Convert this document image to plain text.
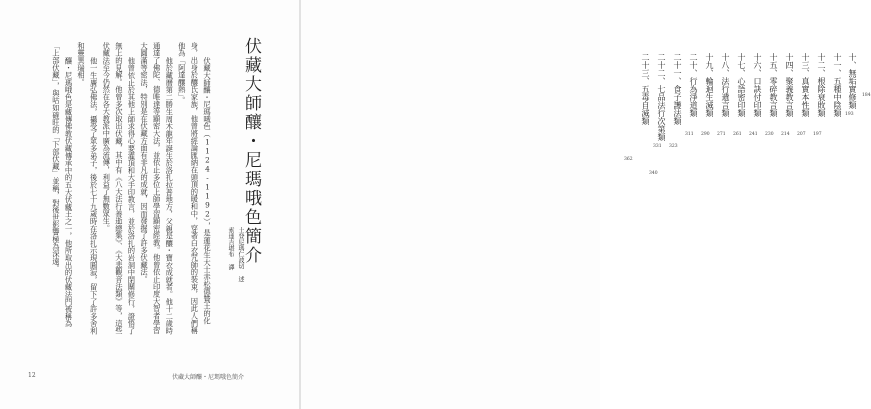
伏藏大師釀・尼瑪哦色簡介
土登尼瑪仁波切 述
索達吉堪布 譯

伏藏大師釀・尼瑪哦色（1124-1192），是蓮花生大士赤松德贊王的化身，出身於釀氏家族，他曾將經論匯納在頭頂的暖和中，穿著白衣咒師的裝束，因此人們稱他為「阿達釀熱」。

他於藏曆第二勝生周木龍年誕生於洛扎拉普地方，父親是釀・寶衣成就者。他十二歲時通達了佛陀、德唯達等顯密大法，並依止多位上師學習顯密經教。他曾依止印度大智者學習大圓滿等密法，特別是在伏藏方面有非凡的成就，因而發掘了許多伏藏法。

他曾依止於其他上師求得心要灌頂和大手印教言，並於洛扎的岩洞中閉關修行，證悟了無上的見解。他曾多次取出伏藏，其中有《八大法行善逝總集》、《大悲觀音法類》等，這些伏藏法至今仍然在各大教派中廣為流傳，利益了無數眾生。

他一生廣弘佛法，攝受了眾多弟子，後於七十九歲時在洛扎示現圓寂，留下了許多舍利和靈異瑞相。

釀・尼瑪哦色是藏傳佛教伏藏傳承中的五大伏藏王之一，他所取出的伏藏法門被稱為「上部伏藏」，與咕如確旺的「下部伏藏」並稱，對後世影響極為深遠。

12	伏藏大師釀・尼瑪哦色簡介
十、無垢實修類 184
十一、五種中陰類 193
十二、根除衰敗類
197
十三、真實本性類
207
十四、聚義教言類
214
十五、零碎教言類
230
十六、口訣付印類
241
十七、心語密印類
261
十八、法行遺言類
271
十九、輪迴生滅類
290
二十、行為淨道類
311
二十一、食子護法類
323
二十二、七品法行次第類
331
二十三、五毒自滅類
340
362
